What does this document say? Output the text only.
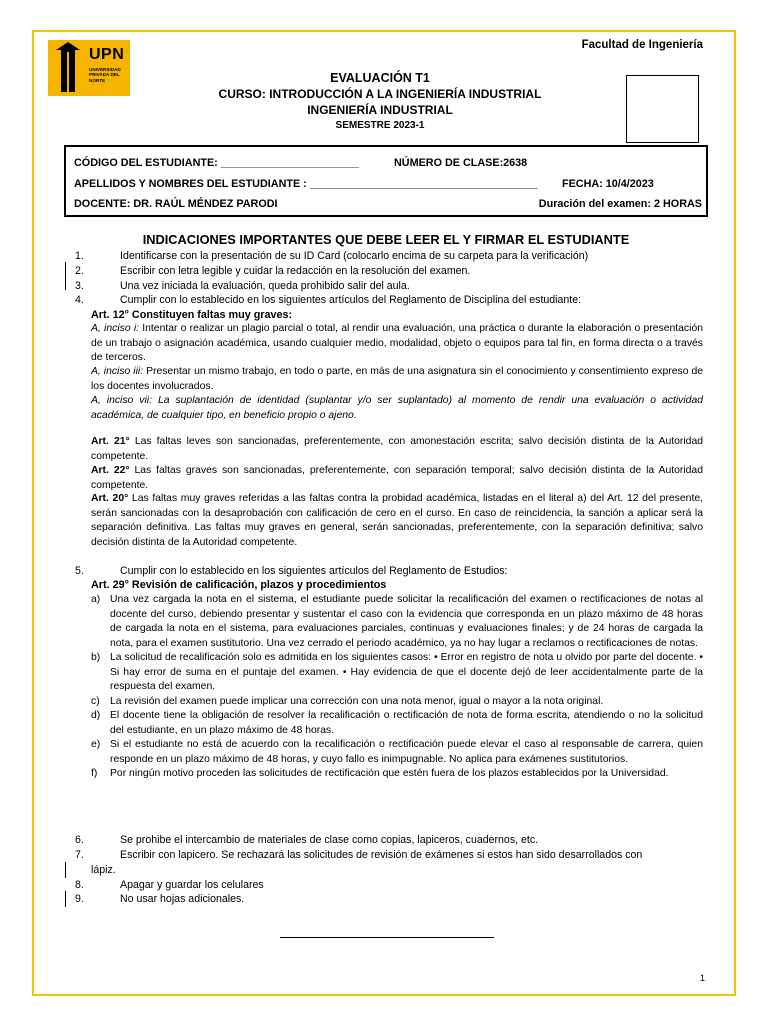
UPN
UNIVERSIDAD PRIVADA DEL NORTE
Facultad de Ingeniería
EVALUACIÓN T1
CURSO: INTRODUCCIÓN A LA INGENIERÍA INDUSTRIAL
INGENIERÍA INDUSTRIAL
SEMESTRE 2023-1
CÓDIGO DEL ESTUDIANTE: _______________________	NÚMERO DE CLASE:2638
APELLIDOS Y NOMBRES DEL ESTUDIANTE : ______________________________________ FECHA: 10/4/2023
DOCENTE: DR. RAÚL MÉNDEZ PARODI	Duración del examen: 2 HORAS
INDICACIONES IMPORTANTES QUE DEBE LEER EL Y FIRMAR EL ESTUDIANTE
1.	Identificarse con la presentación de su ID Card (colocarlo encima de su carpeta para la verificación)
2.	Escribir con letra legible y cuidar la redacción en la resolución del examen.
3.	Una vez iniciada la evaluación, queda prohibido salir del aula.
4.	Cumplir con lo establecido en los siguientes artículos del Reglamento de Disciplina del estudiante:
Art. 12° Constituyen faltas muy graves:
A, inciso i: Intentar o realizar un plagio parcial o total, al rendir una evaluación, una práctica o durante la elaboración o presentación de un trabajo o asignación académica, usando cualquier medio, modalidad, objeto o equipos para tal fin, en forma directa o a través de terceros.
A, inciso iii: Presentar un mismo trabajo, en todo o parte, en más de una asignatura sin el conocimiento y consentimiento expreso de los docentes involucrados.
A, inciso vii: La suplantación de identidad (suplantar y/o ser suplantado) al momento de rendir una evaluación o actividad académica, de cualquier tipo, en beneficio propio o ajeno.
Art. 21° Las faltas leves son sancionadas, preferentemente, con amonestación escrita; salvo decisión distinta de la Autoridad competente.
Art. 22° Las faltas graves son sancionadas, preferentemente, con separación temporal; salvo decisión distinta de la Autoridad competente.
Art. 20° Las faltas muy graves referidas a las faltas contra la probidad académica, listadas en el literal a) del Art. 12 del presente, serán sancionadas con la desaprobación con calificación de cero en el curso. En caso de reincidencia, la sanción a aplicar será la separación definitiva. Las faltas muy graves en general, serán sancionadas, preferentemente, con la separación definitiva; salvo decisión distinta de la Autoridad competente.
5.	Cumplir con lo establecido en los siguientes artículos del Reglamento de Estudios:
Art. 29° Revisión de calificación, plazos y procedimientos
a) Una vez cargada la nota en el sistema, el estudiante puede solicitar la recalificación del examen o rectificaciones de notas al docente del curso, debiendo presentar y sustentar el caso con la evidencia que corresponda en un plazo máximo de 48 horas de cargada la nota en el sistema, para evaluaciones parciales, continuas y evaluaciones finales; y de 24 horas de cargada la nota, para el examen sustitutorio. Una vez cerrado el periodo académico, ya no hay lugar a reclamos o rectificaciones de notas.
b) La solicitud de recalificación solo es admitida en los siguientes casos: • Error en registro de nota u olvido por parte del docente. • Si hay error de suma en el puntaje del examen. • Hay evidencia de que el docente dejó de leer accidentalmente parte de la respuesta del examen.
c) La revisión del examen puede implicar una corrección con una nota menor, igual o mayor a la nota original.
d) El docente tiene la obligación de resolver la recalificación o rectificación de nota de forma escrita, atendiendo o no la solicitud del estudiante, en un plazo máximo de 48 horas.
e) Si el estudiante no está de acuerdo con la recalificación o rectificación puede elevar el caso al responsable de carrera, quien responde en un plazo máximo de 48 horas, y cuyo fallo es inimpugnable. No aplica para exámenes sustitutorios.
f) Por ningún motivo proceden las solicitudes de rectificación que estén fuera de los plazos establecidos por la Universidad.
6.	Se prohibe el intercambio de materiales de clase como copias, lapiceros, cuadernos, etc.
7.	Escribir con lapicero. Se rechazará las solicitudes de revisión de exámenes si estos han sido desarrollados con
lápiz.
8.	Apagar y guardar los celulares
9.	No usar hojas adicionales.
1
